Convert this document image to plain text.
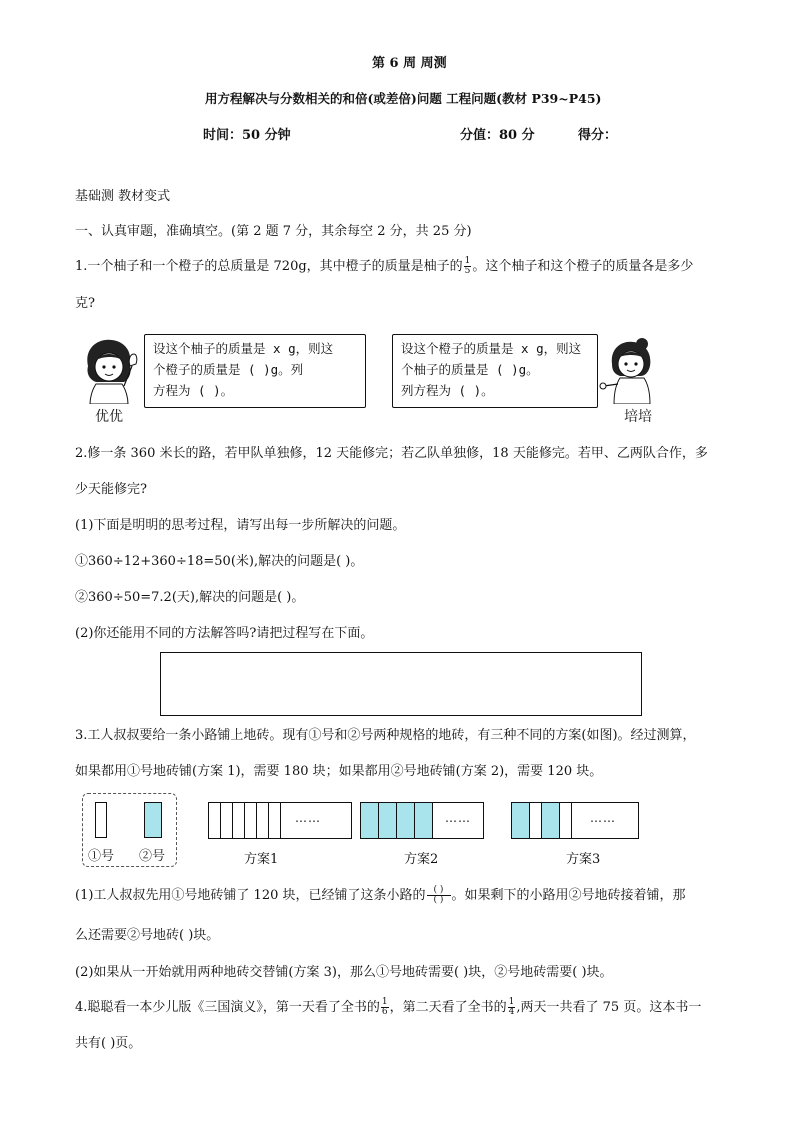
第 6 周 周测
用方程解决与分数相关的和倍(或差倍)问题 工程问题(教材 P39~P45)
时间：50 分钟	分值：80 分	得分：
基础测 教材变式
一、认真审题，准确填空。(第 2 题 7 分，其余每空 2 分，共 25 分)
1.一个柚子和一个橙子的总质量是 720g，其中橙子的质量是柚子的 $\frac{1}{5}$ 。这个柚子和这个橙子的质量各是多少
克?
优优
设这个柚子的质量是 x g，则这
个橙子的质量是 ( )g。列
方程为 ( )。
设这个橙子的质量是 x g，则这
个柚子的质量是 ( )g。
列方程为 ( )。
培培
2.修一条 360 米长的路，若甲队单独修，12 天能修完；若乙队单独修，18 天能修完。若甲、乙两队合作，多
少天能修完?
(1)下面是明明的思考过程，请写出每一步所解决的问题。
①360÷12+360÷18=50(米),解决的问题是( )。
②360÷50=7.2(天),解决的问题是( )。
(2)你还能用不同的方法解答吗?请把过程写在下面。
3.工人叔叔要给一条小路铺上地砖。现有①号和②号两种规格的地砖，有三种不同的方案(如图)。经过测算，
如果都用①号地砖铺(方案 1)，需要 180 块；如果都用②号地砖铺(方案 2)，需要 120 块。
①号 ②号
……
方案1
……
方案2
……
方案3
(1)工人叔叔先用①号地砖铺了 120 块，已经铺了这条小路的 $\frac{( )}{( )}$ 。如果剩下的小路用②号地砖接着铺，那
么还需要②号地砖( )块。
(2)如果从一开始就用两种地砖交替铺(方案 3)，那么①号地砖需要( )块，②号地砖需要( )块。
4.聪聪看一本少儿版《三国演义》，第一天看了全书的 $\frac{1}{6}$ ，第二天看了全书的 $\frac{1}{4}$ ,两天一共看了 75 页。这本书一
共有( )页。
